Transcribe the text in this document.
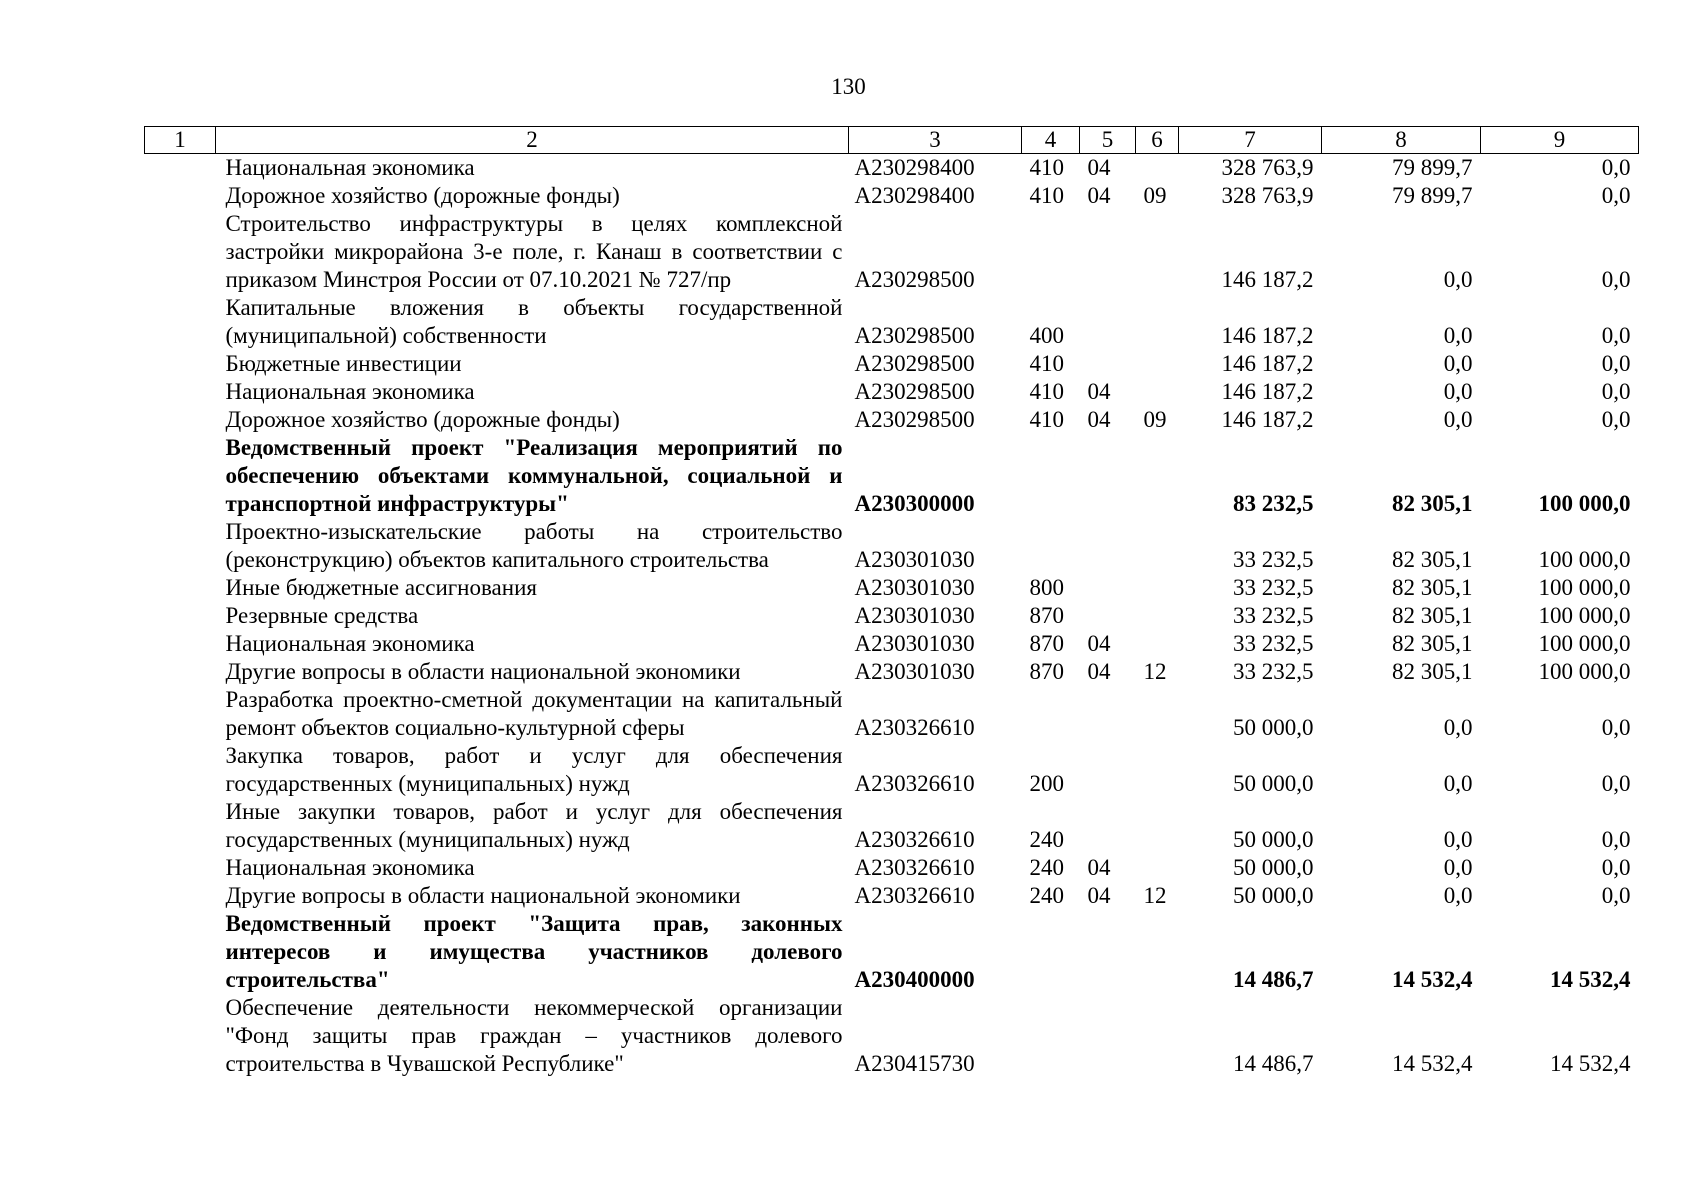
130
1	2	3	4	5	6	7	8	9
	Национальная экономика	А230298400	410	04		328 763,9	79 899,7	0,0
	Дорожное хозяйство (дорожные фонды)	А230298400	410	04	09	328 763,9	79 899,7	0,0
	Строительство инфраструктуры в целях комплексной застройки микрорайона 3-е поле, г. Канаш в соответствии с приказом Минстроя России от 07.10.2021 № 727/пр	А230298500				146 187,2	0,0	0,0
	Капитальные вложения в объекты государственной (муниципальной) собственности	А230298500	400			146 187,2	0,0	0,0
	Бюджетные инвестиции	А230298500	410			146 187,2	0,0	0,0
	Национальная экономика	А230298500	410	04		146 187,2	0,0	0,0
	Дорожное хозяйство (дорожные фонды)	А230298500	410	04	09	146 187,2	0,0	0,0
	Ведомственный проект "Реализация мероприятий по обеспечению объектами коммунальной, социальной и транспортной инфраструктуры"	А230300000				83 232,5	82 305,1	100 000,0
	Проектно-изыскательские работы на строительство (реконструкцию) объектов капитального строительства	А230301030				33 232,5	82 305,1	100 000,0
	Иные бюджетные ассигнования	А230301030	800			33 232,5	82 305,1	100 000,0
	Резервные средства	А230301030	870			33 232,5	82 305,1	100 000,0
	Национальная экономика	А230301030	870	04		33 232,5	82 305,1	100 000,0
	Другие вопросы в области национальной экономики	А230301030	870	04	12	33 232,5	82 305,1	100 000,0
	Разработка проектно-сметной документации на капитальный ремонт объектов социально-культурной сферы	А230326610				50 000,0	0,0	0,0
	Закупка товаров, работ и услуг для обеспечения государственных (муниципальных) нужд	А230326610	200			50 000,0	0,0	0,0
	Иные закупки товаров, работ и услуг для обеспечения государственных (муниципальных) нужд	А230326610	240			50 000,0	0,0	0,0
	Национальная экономика	А230326610	240	04		50 000,0	0,0	0,0
	Другие вопросы в области национальной экономики	А230326610	240	04	12	50 000,0	0,0	0,0
	Ведомственный проект "Защита прав, законных интересов и имущества участников долевого строительства"	А230400000				14 486,7	14 532,4	14 532,4
	Обеспечение деятельности некоммерческой организации "Фонд защиты прав граждан – участников долевого строительства в Чувашской Республике"	А230415730				14 486,7	14 532,4	14 532,4
